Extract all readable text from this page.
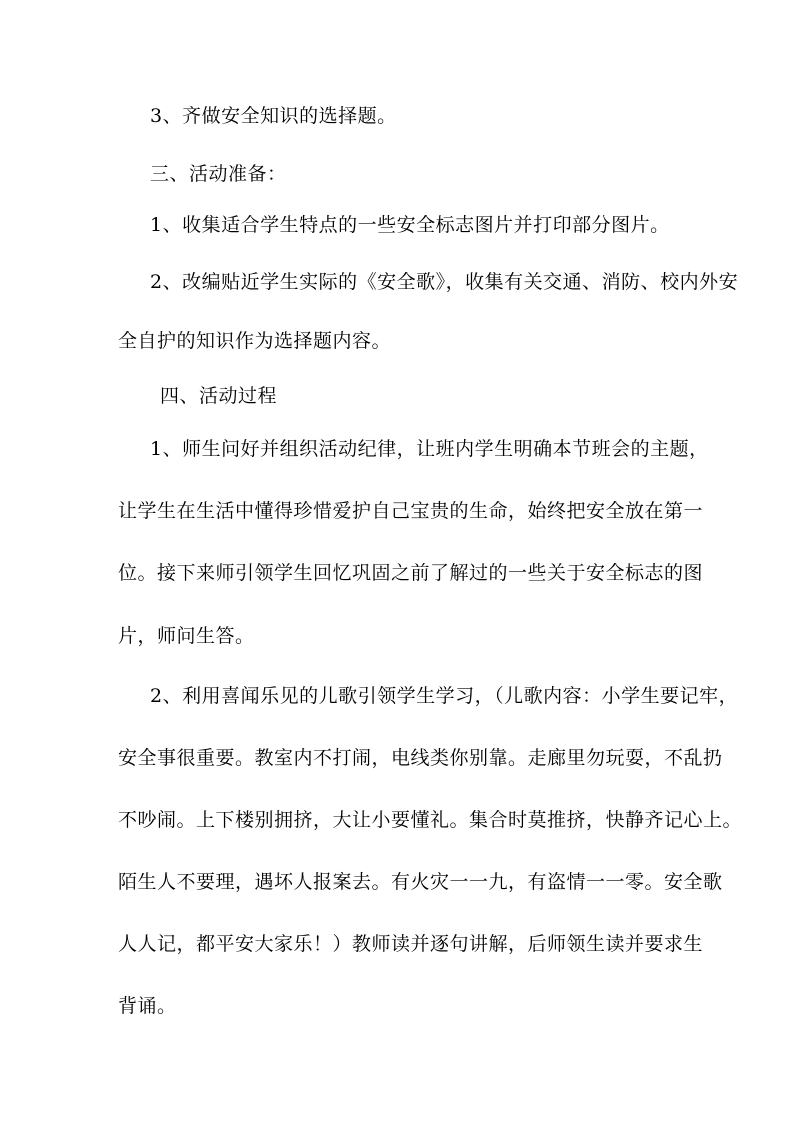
3、齐做安全知识的选择题。

三、活动准备：

1、收集适合学生特点的一些安全标志图片并打印部分图片。

2、改编贴近学生实际的《安全歌》，收集有关交通、消防、校内外安

全自护的知识作为选择题内容。

四、活动过程

1、师生问好并组织活动纪律，让班内学生明确本节班会的主题，

让学生在生活中懂得珍惜爱护自己宝贵的生命，始终把安全放在第一

位。接下来师引领学生回忆巩固之前了解过的一些关于安全标志的图

片，师问生答。

2、利用喜闻乐见的儿歌引领学生学习，（儿歌内容：小学生要记牢，

安全事很重要。教室内不打闹，电线类你别靠。走廊里勿玩耍，不乱扔

不吵闹。上下楼别拥挤，大让小要懂礼。集合时莫推挤，快静齐记心上。

陌生人不要理，遇坏人报案去。有火灾一一九，有盗情一一零。安全歌

人人记，都平安大家乐！）教师读并逐句讲解，后师领生读并要求生

背诵。
